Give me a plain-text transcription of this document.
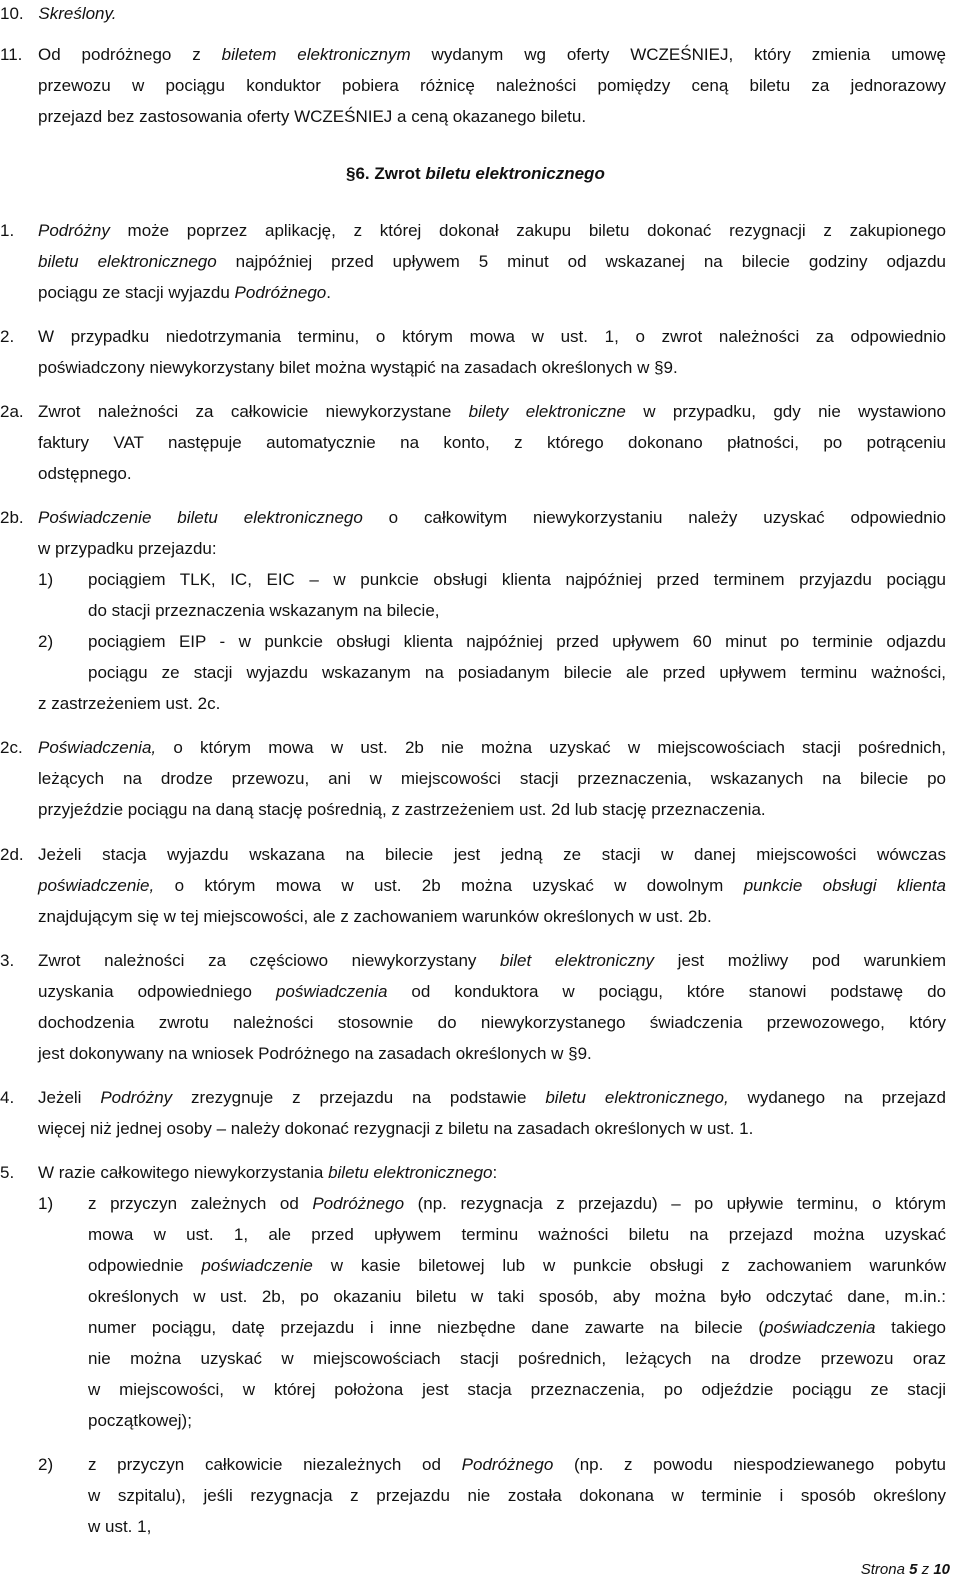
10. Skreślony.
11. Od podróżnego z biletem elektronicznym wydanym wg oferty WCZEŚNIEJ, który zmienia umowę
przewozu w pociągu konduktor pobiera różnicę należności pomiędzy ceną biletu za jednorazowy
przejazd bez zastosowania oferty WCZEŚNIEJ a ceną okazanego biletu.
§6. Zwrot biletu elektronicznego
1. Podróżny może poprzez aplikację, z której dokonał zakupu biletu dokonać rezygnacji z zakupionego
biletu elektronicznego najpóźniej przed upływem 5 minut od wskazanej na bilecie godziny odjazdu
pociągu ze stacji wyjazdu Podróżnego.
2. W przypadku niedotrzymania terminu, o którym mowa w ust. 1, o zwrot należności za odpowiednio
poświadczony niewykorzystany bilet można wystąpić na zasadach określonych w §9.
2a. Zwrot należności za całkowicie niewykorzystane bilety elektroniczne w przypadku, gdy nie wystawiono
faktury VAT następuje automatycznie na konto, z którego dokonano płatności, po potrąceniu
odstępnego.
2b. Poświadczenie biletu elektronicznego o całkowitym niewykorzystaniu należy uzyskać odpowiednio
w przypadku przejazdu:
1) pociągiem TLK, IC, EIC – w punkcie obsługi klienta najpóźniej przed terminem przyjazdu pociągu
do stacji przeznaczenia wskazanym na bilecie,
2) pociągiem EIP - w punkcie obsługi klienta najpóźniej przed upływem 60 minut po terminie odjazdu
pociągu ze stacji wyjazdu wskazanym na posiadanym bilecie ale przed upływem terminu ważności,
z zastrzeżeniem ust. 2c.
2c. Poświadczenia, o którym mowa w ust. 2b nie można uzyskać w miejscowościach stacji pośrednich,
leżących na drodze przewozu, ani w miejscowości stacji przeznaczenia, wskazanych na bilecie po
przyjeździe pociągu na daną stację pośrednią, z zastrzeżeniem ust. 2d lub stację przeznaczenia.
2d. Jeżeli stacja wyjazdu wskazana na bilecie jest jedną ze stacji w danej miejscowości wówczas
poświadczenie, o którym mowa w ust. 2b można uzyskać w dowolnym punkcie obsługi klienta
znajdującym się w tej miejscowości, ale z zachowaniem warunków określonych w ust. 2b.
3. Zwrot należności za częściowo niewykorzystany bilet elektroniczny jest możliwy pod warunkiem
uzyskania odpowiedniego poświadczenia od konduktora w pociągu, które stanowi podstawę do
dochodzenia zwrotu należności stosownie do niewykorzystanego świadczenia przewozowego, który
jest dokonywany na wniosek Podróżnego na zasadach określonych w §9.
4. Jeżeli Podróżny zrezygnuje z przejazdu na podstawie biletu elektronicznego, wydanego na przejazd
więcej niż jednej osoby – należy dokonać rezygnacji z biletu na zasadach określonych w ust. 1.
5. W razie całkowitego niewykorzystania biletu elektronicznego:
1) z przyczyn zależnych od Podróżnego (np. rezygnacja z przejazdu) – po upływie terminu, o którym
mowa w ust. 1, ale przed upływem terminu ważności biletu na przejazd można uzyskać
odpowiednie poświadczenie w kasie biletowej lub w punkcie obsługi z zachowaniem warunków
określonych w ust. 2b, po okazaniu biletu w taki sposób, aby można było odczytać dane, m.in.:
numer pociągu, datę przejazdu i inne niezbędne dane zawarte na bilecie (poświadczenia takiego
nie można uzyskać w miejscowościach stacji pośrednich, leżących na drodze przewozu oraz
w miejscowości, w której położona jest stacja przeznaczenia, po odjeździe pociągu ze stacji
początkowej);
2) z przyczyn całkowicie niezależnych od Podróżnego (np. z powodu niespodziewanego pobytu
w szpitalu), jeśli rezygnacja z przejazdu nie została dokonana w terminie i sposób określony
w ust. 1,
Strona 5 z 10
